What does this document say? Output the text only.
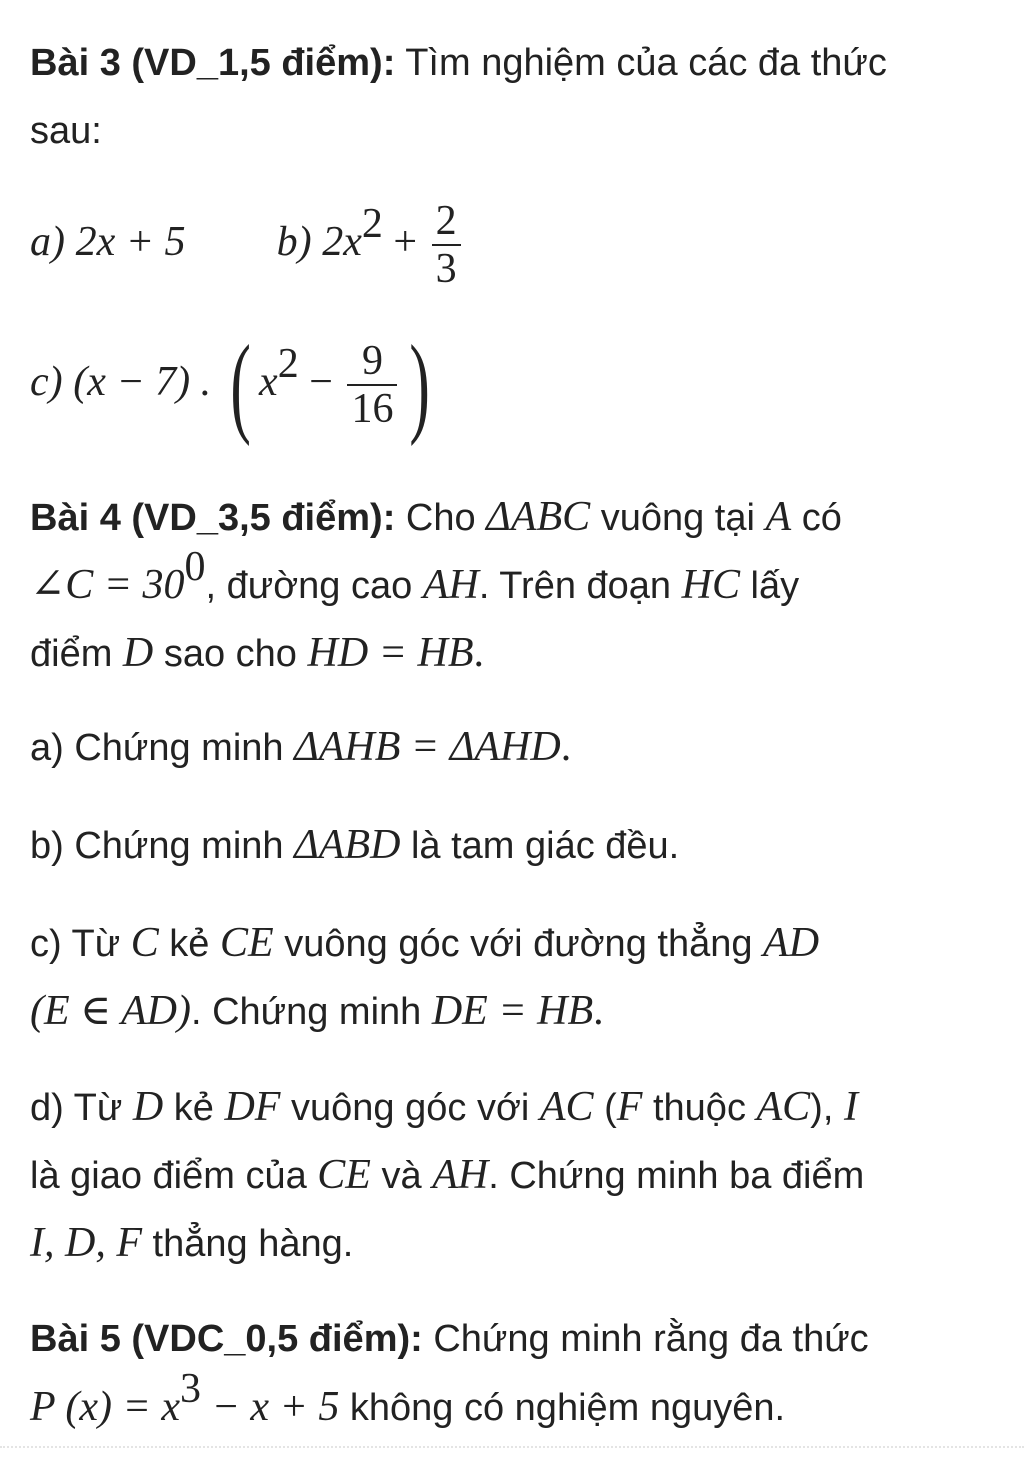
Bài 3 (VD_1,5 điểm): Tìm nghiệm của các đa thức
sau:
a) 2x + 5 b) $2x^2 + \frac{2}{3}$
c) (x − 7) . ( $x^2 - \frac{9}{16}$ )
Bài 4 (VD_3,5 điểm): Cho ΔABC vuông tại A có
∠C = $30^0$, đường cao AH. Trên đoạn HC lấy
điểm D sao cho HD = HB.
a) Chứng minh ΔAHB = ΔAHD.
b) Chứng minh ΔABD là tam giác đều.
c) Từ C kẻ CE vuông góc với đường thẳng AD
(E ∈ AD). Chứng minh DE = HB.
d) Từ D kẻ DF vuông góc với AC (F thuộc AC), I
là giao điểm của CE và AH. Chứng minh ba điểm
I, D, F thẳng hàng.
Bài 5 (VDC_0,5 điểm): Chứng minh rằng đa thức
P $(x) = x^3 - x + 5$ không có nghiệm nguyên.
